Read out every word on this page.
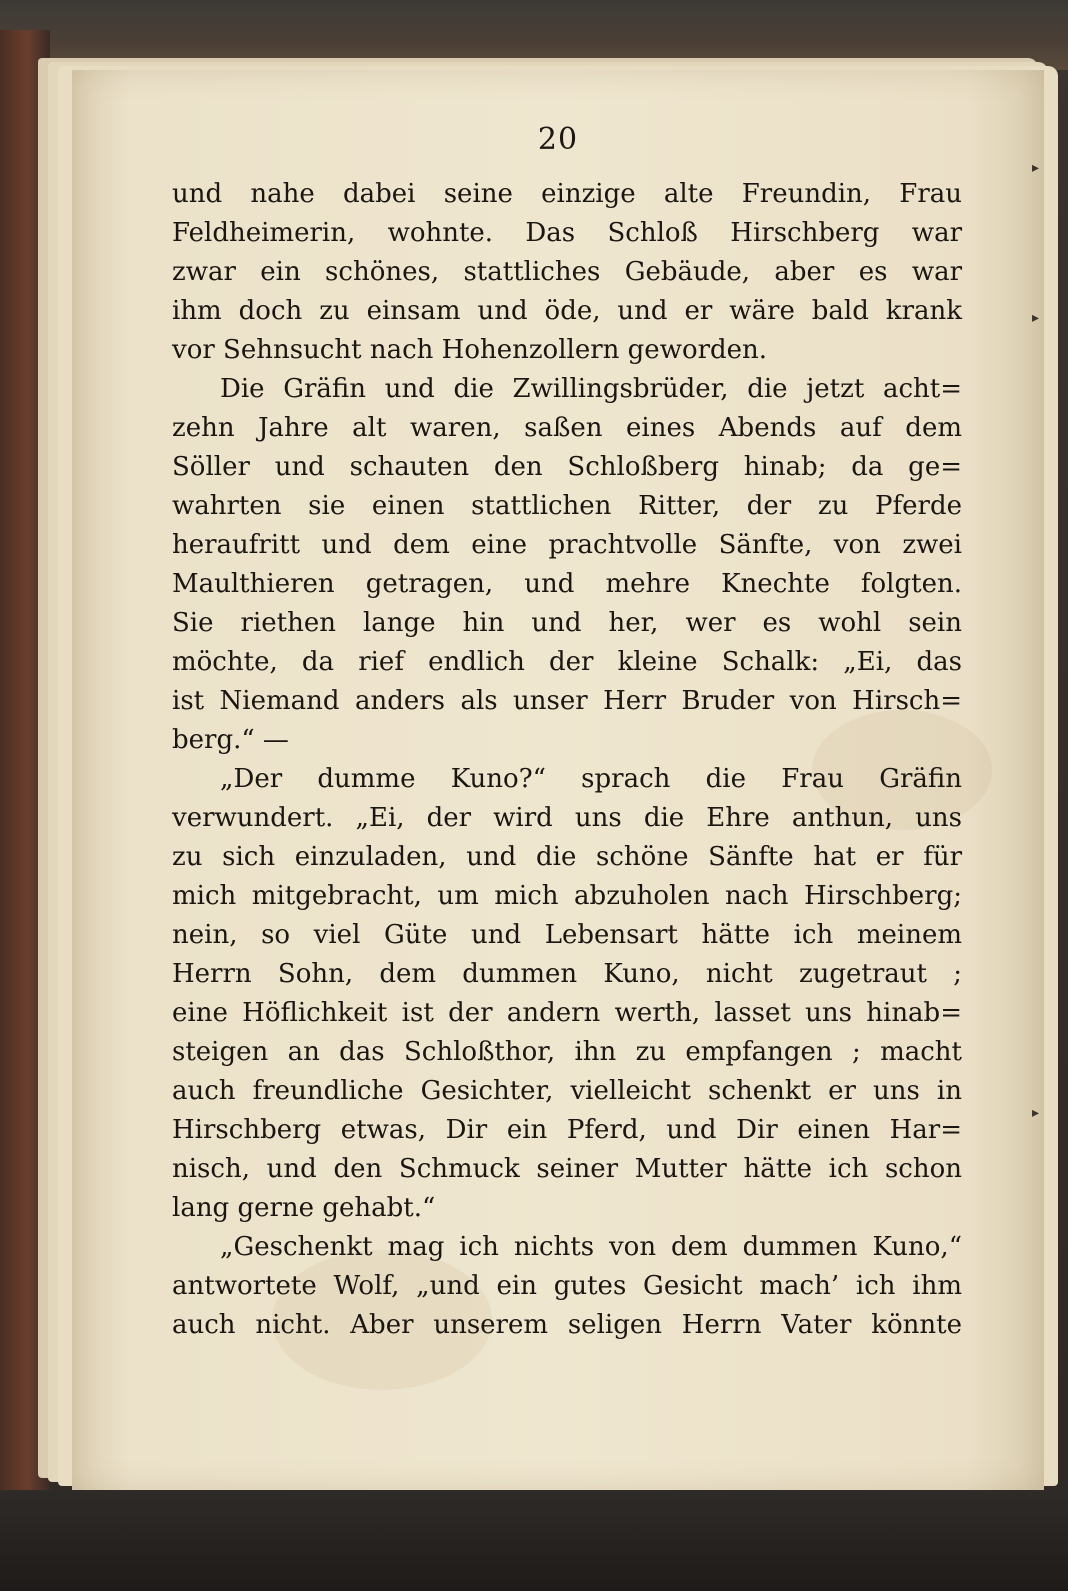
20
▸
▸
▸
und nahe dabei seine einzige alte Freundin, Frau
Feldheimerin, wohnte. Das Schloß Hirschberg war
zwar ein schönes, stattliches Gebäude, aber es war
ihm doch zu einsam und öde, und er wäre bald krank
vor Sehnsucht nach Hohenzollern geworden.
Die Gräfin und die Zwillingsbrüder, die jetzt acht=
zehn Jahre alt waren, saßen eines Abends auf dem
Söller und schauten den Schloßberg hinab; da ge=
wahrten sie einen stattlichen Ritter, der zu Pferde
heraufritt und dem eine prachtvolle Sänfte, von zwei
Maulthieren getragen, und mehre Knechte folgten.
Sie riethen lange hin und her, wer es wohl sein
möchte, da rief endlich der kleine Schalk: „Ei, das
ist Niemand anders als unser Herr Bruder von Hirsch=
berg.“ —
„Der dumme Kuno?“ sprach die Frau Gräfin
verwundert. „Ei, der wird uns die Ehre anthun, uns
zu sich einzuladen, und die schöne Sänfte hat er für
mich mitgebracht, um mich abzuholen nach Hirschberg;
nein, so viel Güte und Lebensart hätte ich meinem
Herrn Sohn, dem dummen Kuno, nicht zugetraut ;
eine Höflichkeit ist der andern werth, lasset uns hinab=
steigen an das Schloßthor, ihn zu empfangen ; macht
auch freundliche Gesichter, vielleicht schenkt er uns in
Hirschberg etwas, Dir ein Pferd, und Dir einen Har=
nisch, und den Schmuck seiner Mutter hätte ich schon
lang gerne gehabt.“
„Geschenkt mag ich nichts von dem dummen Kuno,“
antwortete Wolf, „und ein gutes Gesicht mach’ ich ihm
auch nicht. Aber unserem seligen Herrn Vater könnte
